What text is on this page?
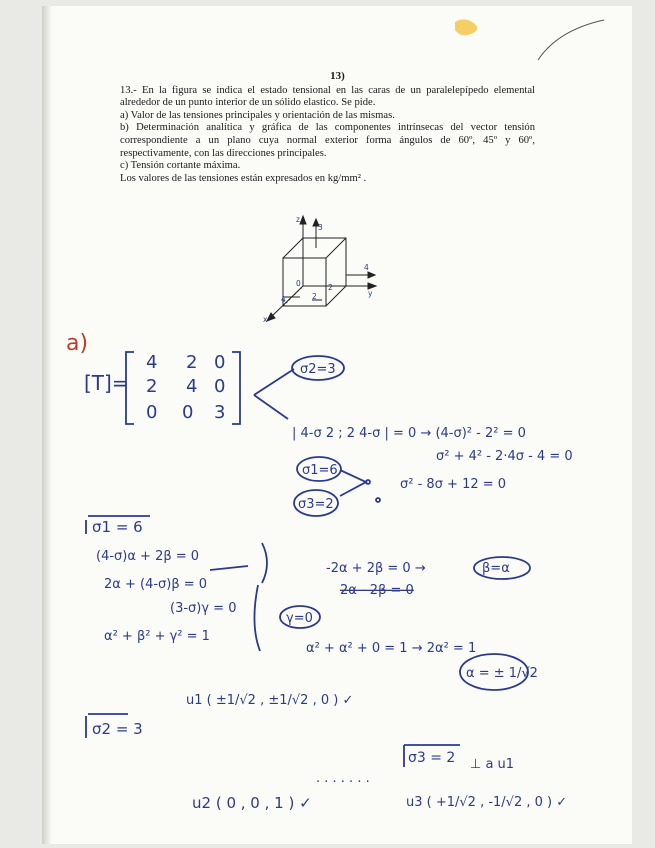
13)

13.- En la figura se indica el estado tensional en las caras de un paralelepípedo elemental alrededor de un punto interior de un sólido elastico. Se pide.

a) Valor de las tensiones principales y orientación de las mismas.

b) Determinación analítica y gráfica de las componentes intrínsecas del vector tensión correspondiente a un plano cuya normal exterior forma ángulos de 60º, 45º y 60º, respectivamente, con las direcciones principales.

c) Tensión cortante máxima.

Los valores de las tensiones están expresados en kg/mm² .

z
3
4
2
y
0
4	2
x
a)
[T]=
4 2 0
2 4 0
0 0 3
σ2=3
| 4-σ 2 ; 2 4-σ | = 0 → (4-σ)² - 2² = 0
σ² + 4² - 2·4σ - 4 = 0
σ1=6
σ3=2
σ² - 8σ + 12 = 0
σ1 = 6
(4-σ)α + 2β = 0
2α + (4-σ)β = 0
(3-σ)γ = 0
α² + β² + γ² = 1
-2α + 2β = 0 →	β=α
2α - 2β = 0
γ=0
α² + α² + 0 = 1 → 2α² = 1
α = ± 1/√2
u1 ( ±1/√2 , ±1/√2 , 0 ) ✓
σ2 = 3
σ3 = 2 ⊥ a u1
. . . . . . .
u2 ( 0 , 0 , 1 ) ✓	u3 ( +1/√2 , -1/√2 , 0 ) ✓
